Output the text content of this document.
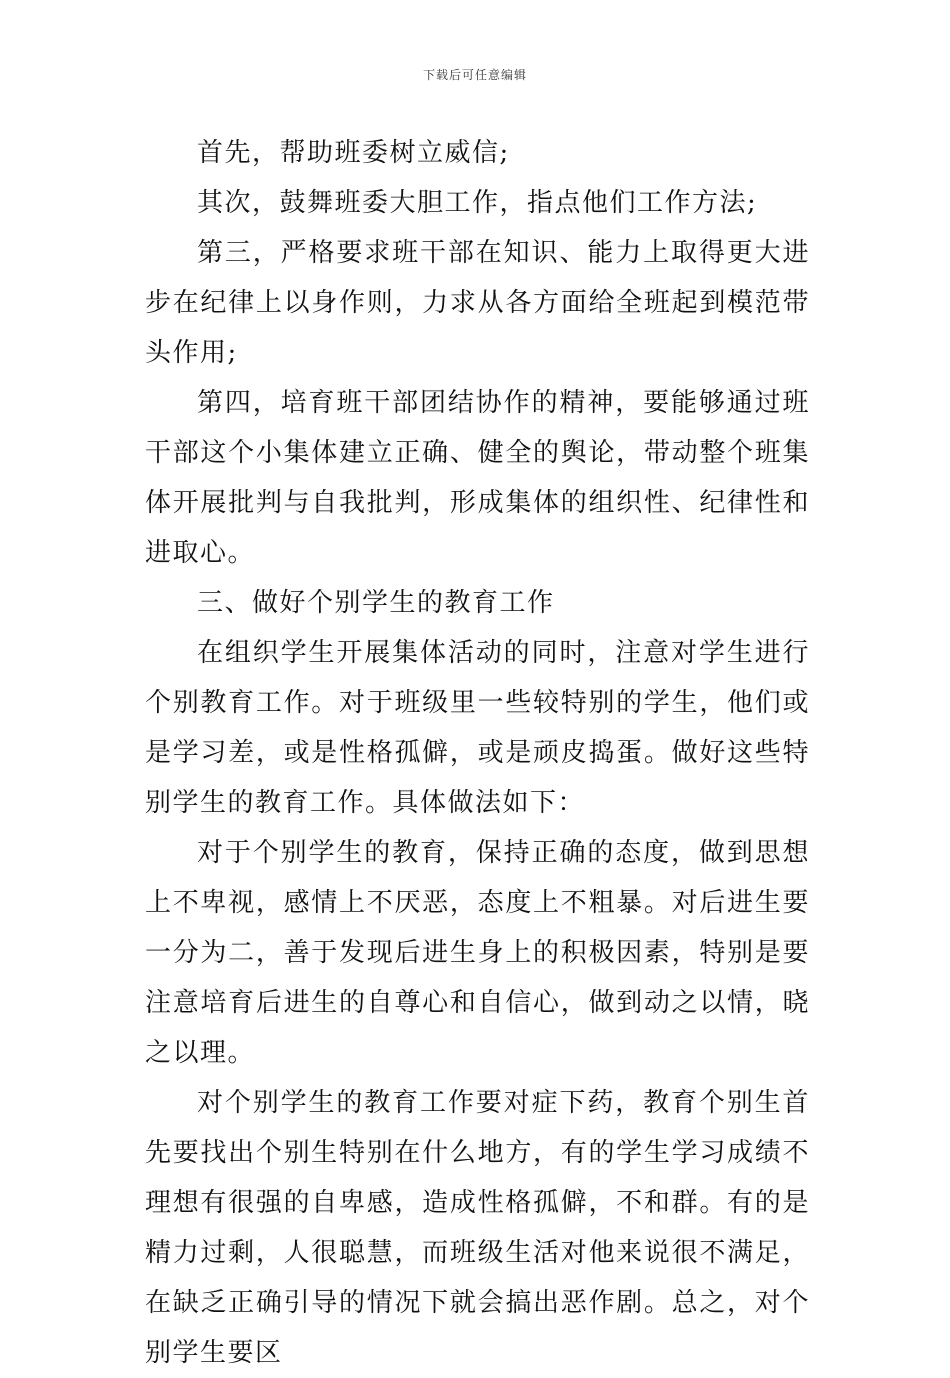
下载后可任意编辑

首先，帮助班委树立威信;

其次，鼓舞班委大胆工作，指点他们工作方法;

第三，严格要求班干部在知识、能力上取得更大进步在纪律上以身作则，力求从各方面给全班起到模范带头作用;

第四，培育班干部团结协作的精神，要能够通过班干部这个小集体建立正确、健全的舆论，带动整个班集体开展批判与自我批判，形成集体的组织性、纪律性和进取心。

三、做好个别学生的教育工作

在组织学生开展集体活动的同时，注意对学生进行个别教育工作。对于班级里一些较特别的学生，他们或是学习差，或是性格孤僻，或是顽皮捣蛋。做好这些特别学生的教育工作。具体做法如下：

对于个别学生的教育，保持正确的态度，做到思想上不卑视，感情上不厌恶，态度上不粗暴。对后进生要一分为二，善于发现后进生身上的积极因素，特别是要注意培育后进生的自尊心和自信心，做到动之以情，晓之以理。

对个别学生的教育工作要对症下药，教育个别生首先要找出个别生特别在什么地方，有的学生学习成绩不理想有很强的自卑感，造成性格孤僻，不和群。有的是精力过剩，人很聪慧，而班级生活对他来说很不满足，在缺乏正确引导的情况下就会搞出恶作剧。总之，对个别学生要区
